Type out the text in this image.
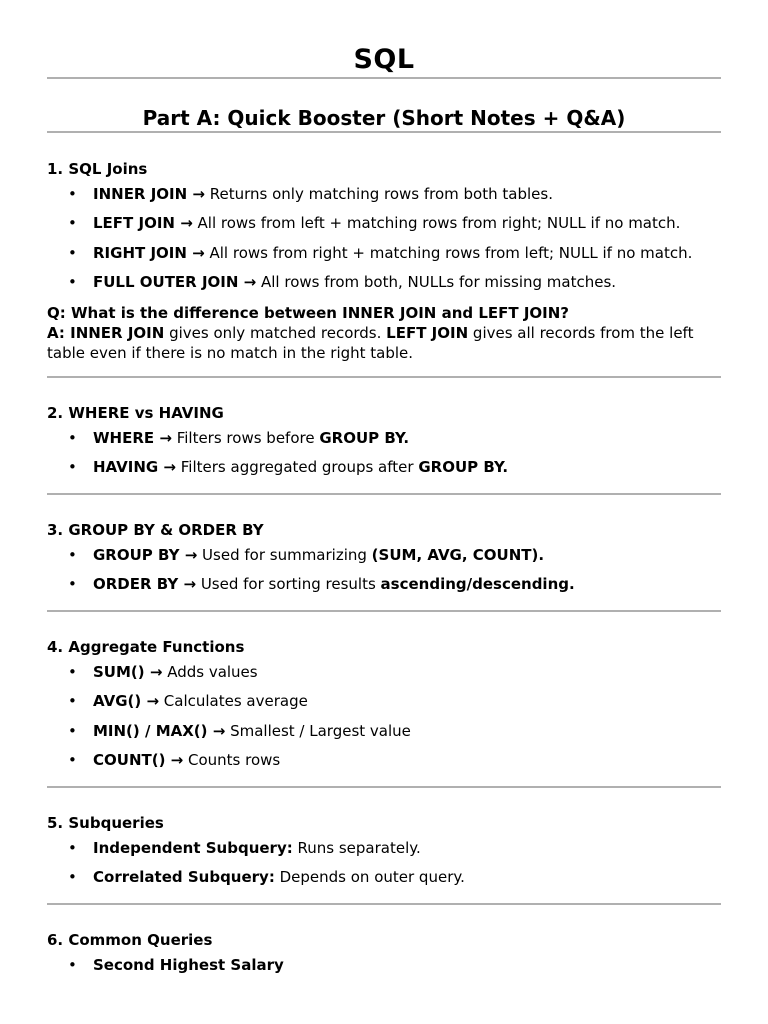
SQL
Part A: Quick Booster (Short Notes + Q&A)

1. SQL Joins

• INNER JOIN → Returns only matching rows from both tables.
• LEFT JOIN → All rows from left + matching rows from right; NULL if no match.
• RIGHT JOIN → All rows from right + matching rows from left; NULL if no match.
• FULL OUTER JOIN → All rows from both, NULLs for missing matches.

Q: What is the difference between INNER JOIN and LEFT JOIN?

A: INNER JOIN gives only matched records. LEFT JOIN gives all records from the left table even if there is no match in the right table.

2. WHERE vs HAVING

• WHERE → Filters rows before GROUP BY.
• HAVING → Filters aggregated groups after GROUP BY.

3. GROUP BY & ORDER BY

• GROUP BY → Used for summarizing (SUM, AVG, COUNT).
• ORDER BY → Used for sorting results ascending/descending.

4. Aggregate Functions

• SUM() → Adds values
• AVG() → Calculates average
• MIN() / MAX() → Smallest / Largest value
• COUNT() → Counts rows

5. Subqueries

• Independent Subquery: Runs separately.
• Correlated Subquery: Depends on outer query.

6. Common Queries

• Second Highest Salary
